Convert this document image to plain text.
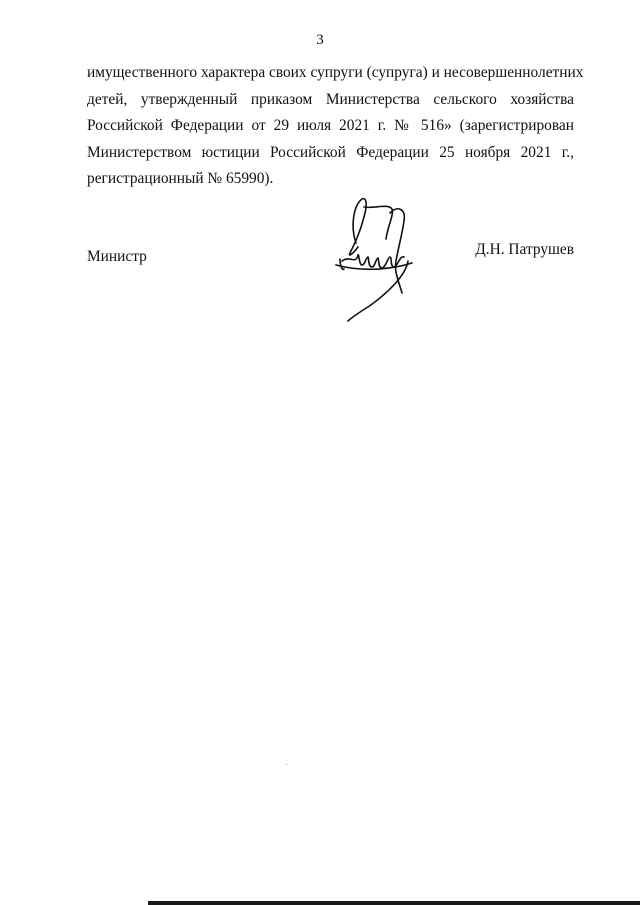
3
имущественного характера своих супруги (супруга) и несовершеннолетних
детей, утвержденный приказом Министерства сельского хозяйства
Российской Федерации от 29 июля 2021 г. № 516» (зарегистрирован
Министерством юстиции Российской Федерации 25 ноября 2021 г.,
регистрационный № 65990).
Министр	Д.Н. Патрушев
